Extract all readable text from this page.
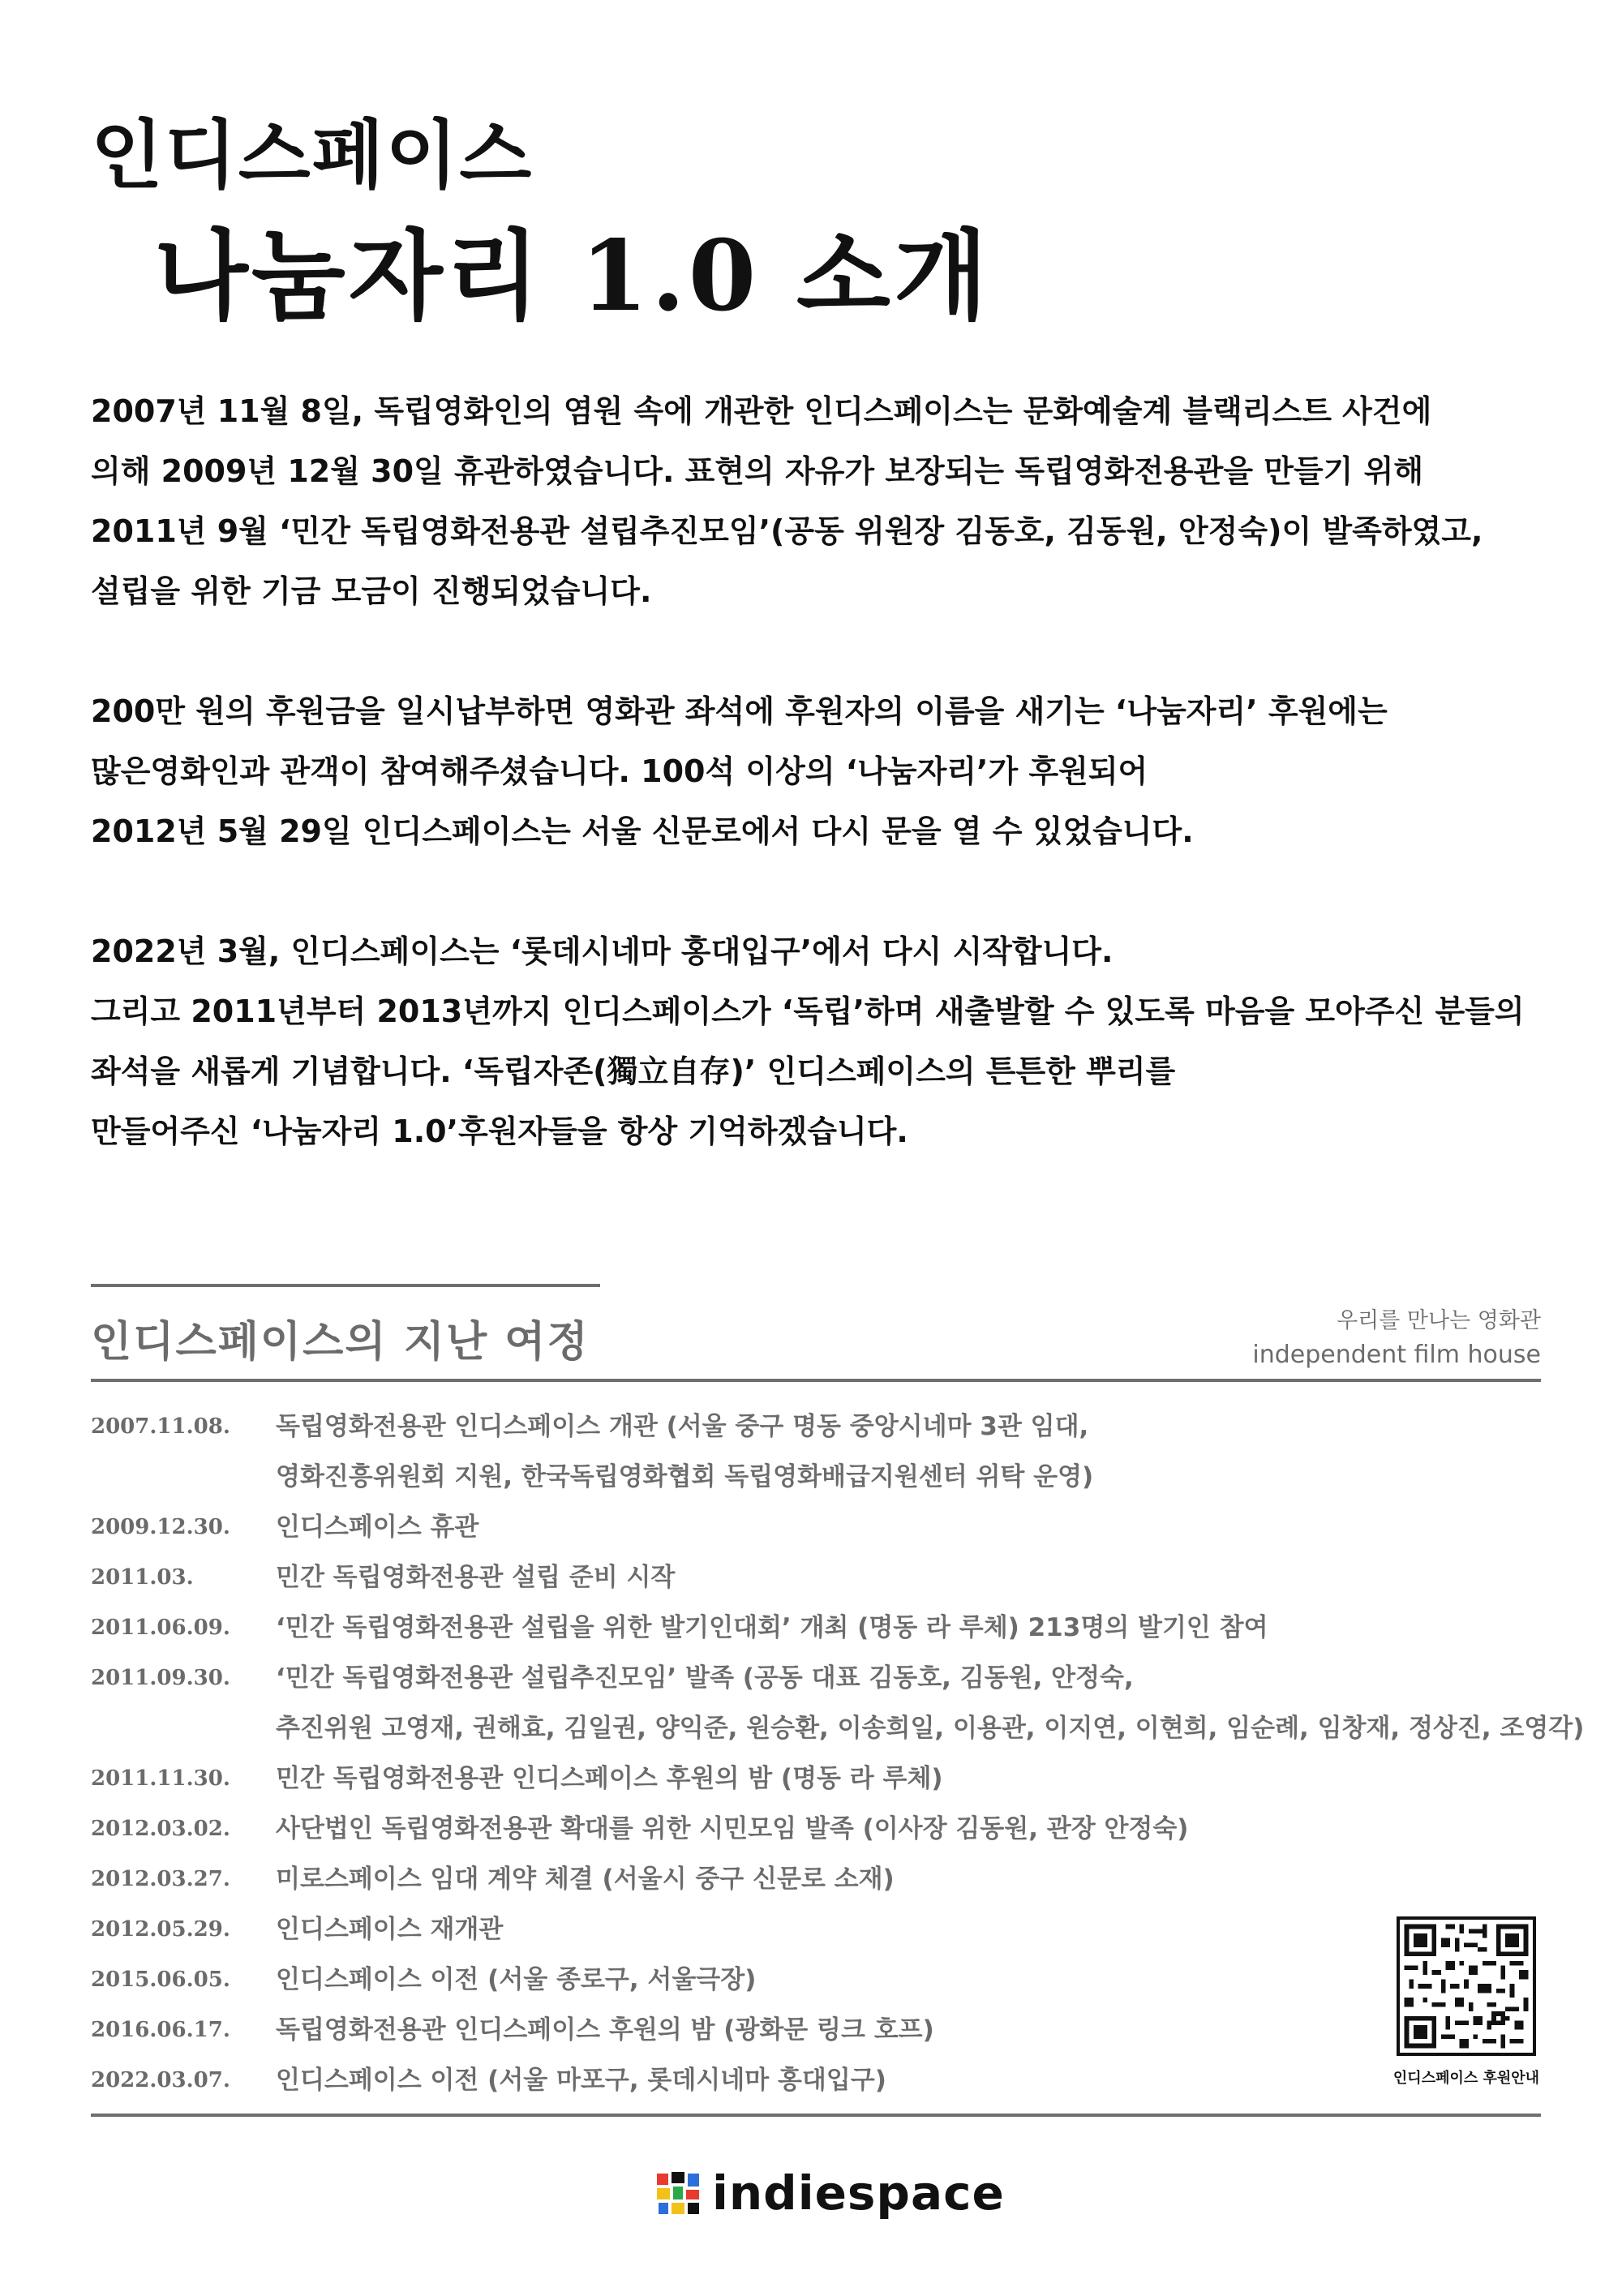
인디스페이스
나눔자리 1.0 소개

2007년 11월 8일, 독립영화인의 염원 속에 개관한 인디스페이스는 문화예술계 블랙리스트 사건에
의해 2009년 12월 30일 휴관하였습니다. 표현의 자유가 보장되는 독립영화전용관을 만들기 위해
2011년 9월 ‘민간 독립영화전용관 설립추진모임’(공동 위원장 김동호, 김동원, 안정숙)이 발족하였고,
설립을 위한 기금 모금이 진행되었습니다.

200만 원의 후원금을 일시납부하면 영화관 좌석에 후원자의 이름을 새기는 ‘나눔자리’ 후원에는
많은영화인과 관객이 참여해주셨습니다. 100석 이상의 ‘나눔자리’가 후원되어
2012년 5월 29일 인디스페이스는 서울 신문로에서 다시 문을 열 수 있었습니다.

2022년 3월, 인디스페이스는 ‘롯데시네마 홍대입구’에서 다시 시작합니다.
그리고 2011년부터 2013년까지 인디스페이스가 ‘독립’하며 새출발할 수 있도록 마음을 모아주신 분들의
좌석을 새롭게 기념합니다. ‘독립자존(獨立自存)’ 인디스페이스의 튼튼한 뿌리를
만들어주신 ‘나눔자리 1.0’후원자들을 항상 기억하겠습니다.

인디스페이스의 지난 여정	우리를 만나는 영화관
independent film house
2007.11.08.	독립영화전용관 인디스페이스 개관 (서울 중구 명동 중앙시네마 3관 임대,
영화진흥위원회 지원, 한국독립영화협회 독립영화배급지원센터 위탁 운영)
2009.12.30.	인디스페이스 휴관
2011.03.	민간 독립영화전용관 설립 준비 시작
2011.06.09.	‘민간 독립영화전용관 설립을 위한 발기인대회’ 개최 (명동 라 루체) 213명의 발기인 참여
2011.09.30.	‘민간 독립영화전용관 설립추진모임’ 발족 (공동 대표 김동호, 김동원, 안정숙,
추진위원 고영재, 권해효, 김일권, 양익준, 원승환, 이송희일, 이용관, 이지연, 이현희, 임순례, 임창재, 정상진, 조영각)
2011.11.30.	민간 독립영화전용관 인디스페이스 후원의 밤 (명동 라 루체)
2012.03.02.	사단법인 독립영화전용관 확대를 위한 시민모임 발족 (이사장 김동원, 관장 안정숙)
2012.03.27.	미로스페이스 임대 계약 체결 (서울시 중구 신문로 소재)
2012.05.29.	인디스페이스 재개관
2015.06.05.	인디스페이스 이전 (서울 종로구, 서울극장)
2016.06.17.	독립영화전용관 인디스페이스 후원의 밤 (광화문 링크 호프)
2022.03.07.	인디스페이스 이전 (서울 마포구, 롯데시네마 홍대입구)	인디스페이스 후원안내
indiespace
